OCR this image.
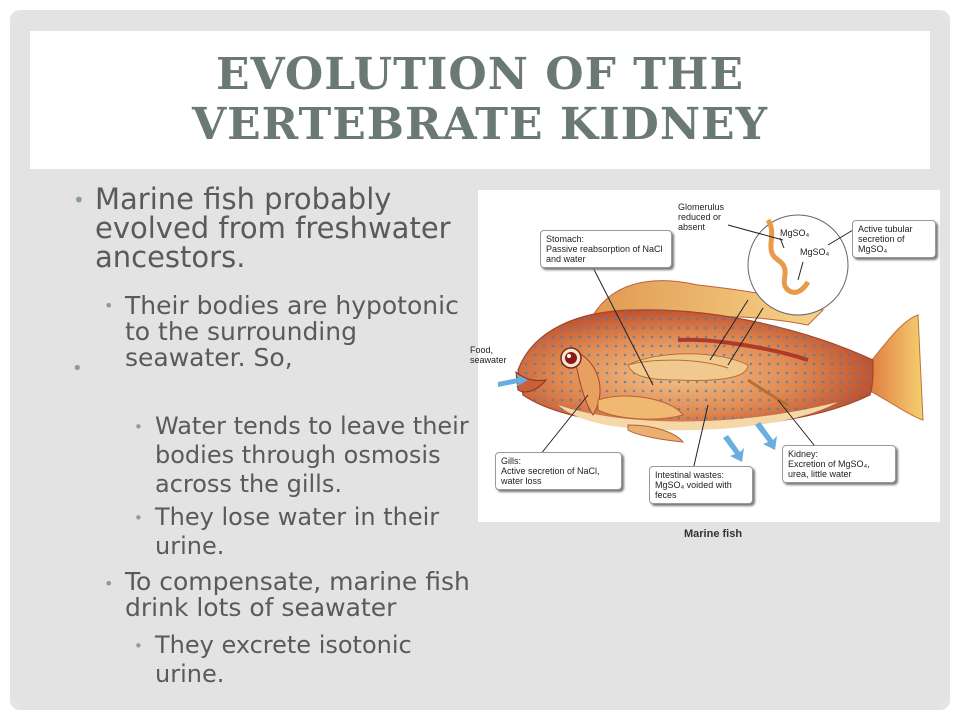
EVOLUTION OF THE VERTEBRATE KIDNEY
•
• Marine fish probably evolved from freshwater ancestors.
• Their bodies are hypotonic to the surrounding seawater. So,
• Water tends to leave their bodies through osmosis across the gills.
• They lose water in their urine.
• To compensate, marine fish drink lots of seawater
• They excrete isotonic urine.
Glomerulus reduced or absent
Stomach:
Passive reabsorption of NaCl and water
MgSO₄
MgSO₄
Active tubular secretion of MgSO₄
Gills:
Active secretion of NaCl, water loss
Intestinal wastes:
MgSO₄ voided with feces
Kidney:
Excretion of MgSO₄, urea, little water
Food, seawater
Marine fish
